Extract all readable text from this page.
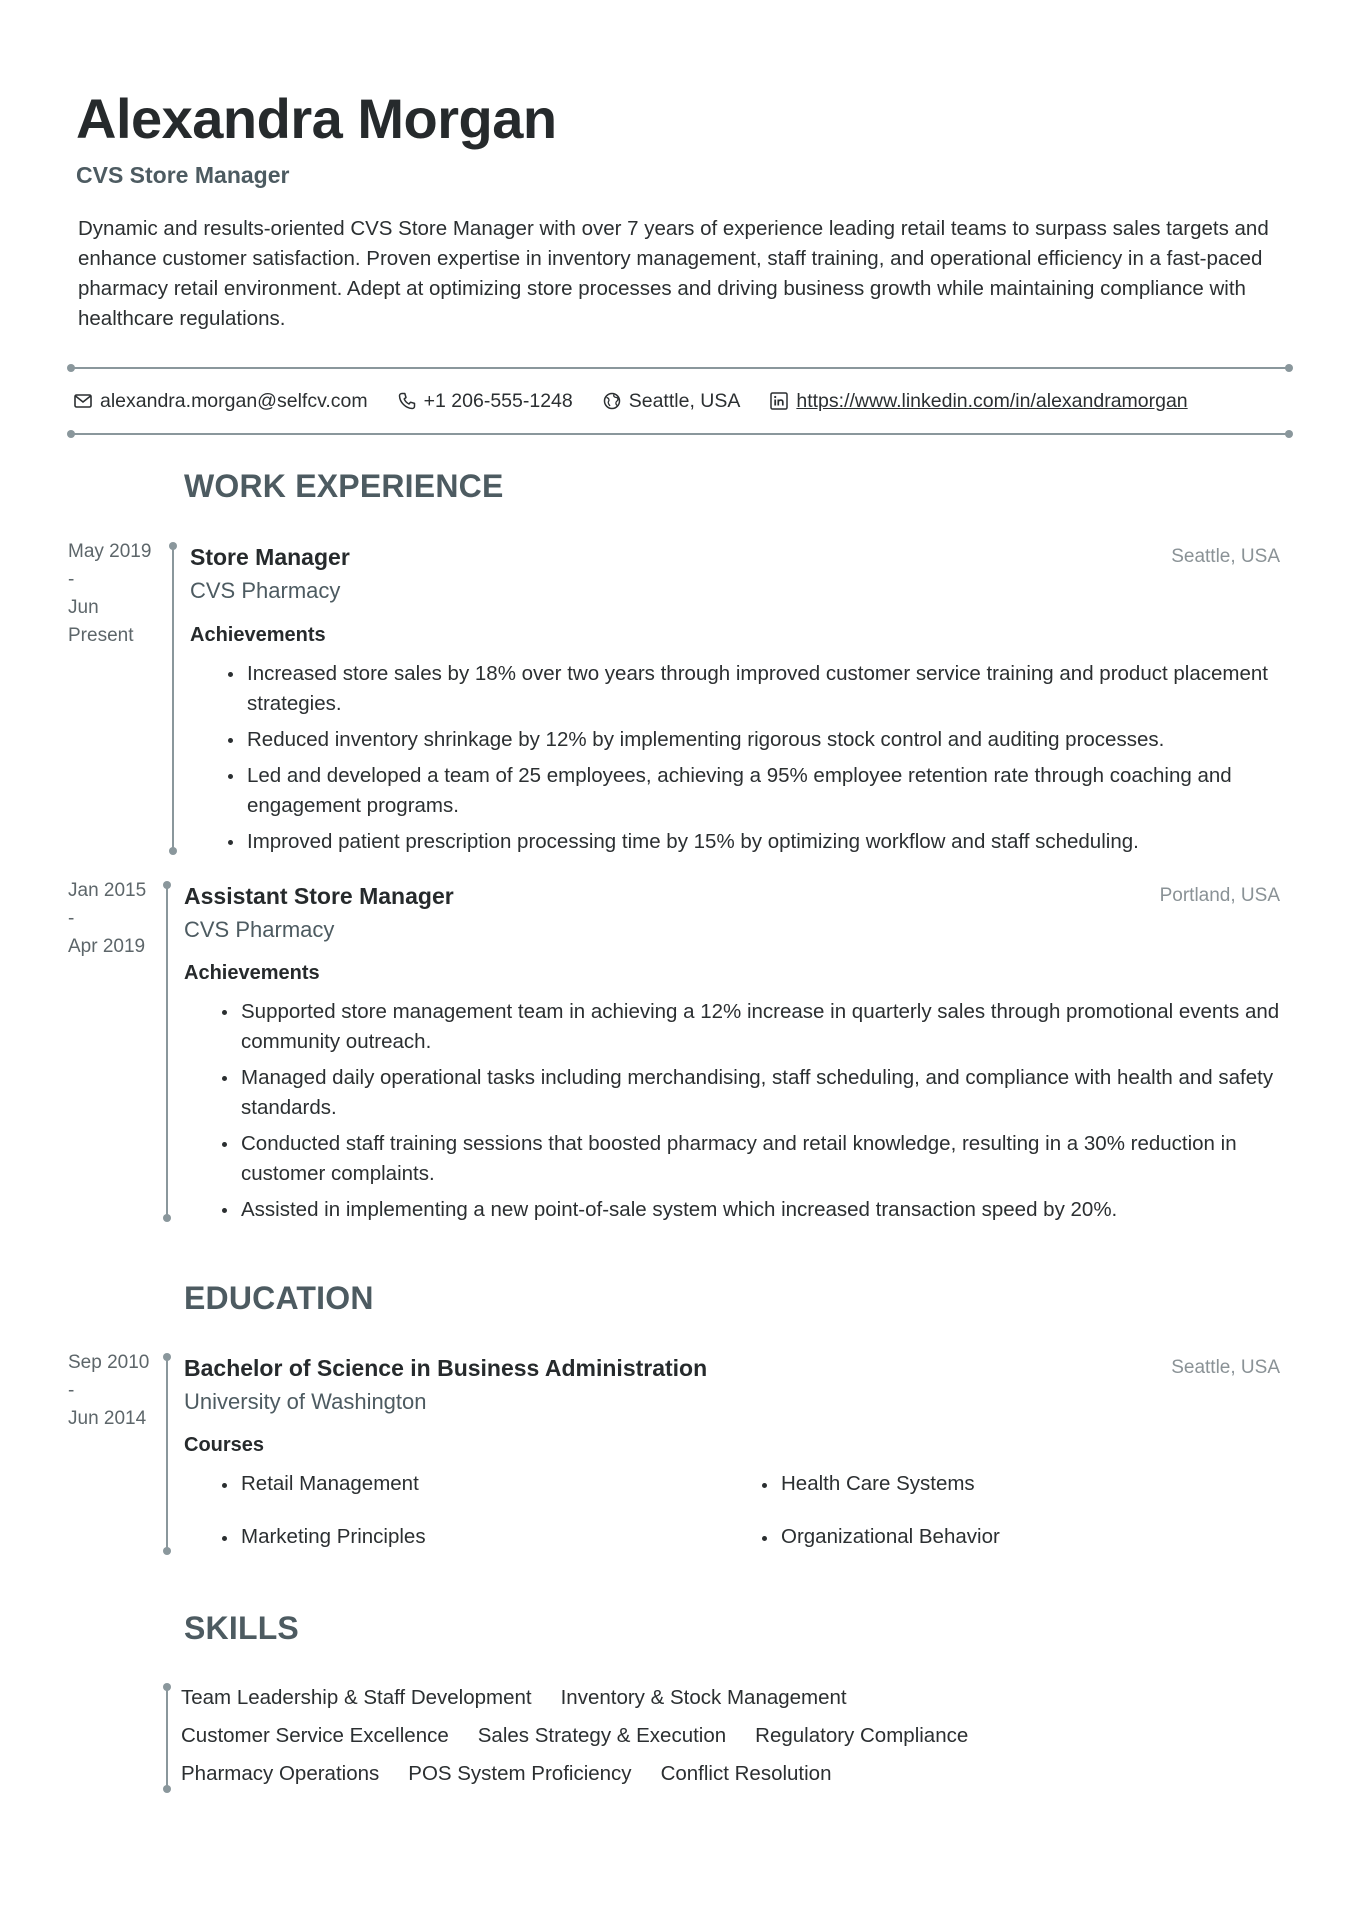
Alexandra Morgan
CVS Store Manager

Dynamic and results-oriented CVS Store Manager with over 7 years of experience leading retail teams to surpass sales targets and enhance customer satisfaction. Proven expertise in inventory management, staff training, and operational efficiency in a fast-paced pharmacy retail environment. Adept at optimizing store processes and driving business growth while maintaining compliance with healthcare regulations.

alexandra.morgan@selfcv.com	+1 206-555-1248	Seattle, USA	https://www.linkedin.com/in/alexandramorgan
WORK EXPERIENCE
May 2019
-
Jun
Present
Store Manager	Seattle, USA
CVS Pharmacy
Achievements
Increased store sales by 18% over two years through improved customer service training and product placement strategies.
Reduced inventory shrinkage by 12% by implementing rigorous stock control and auditing processes.
Led and developed a team of 25 employees, achieving a 95% employee retention rate through coaching and engagement programs.
Improved patient prescription processing time by 15% by optimizing workflow and staff scheduling.
Jan 2015
-
Apr 2019
Assistant Store Manager	Portland, USA
CVS Pharmacy
Achievements
Supported store management team in achieving a 12% increase in quarterly sales through promotional events and community outreach.
Managed daily operational tasks including merchandising, staff scheduling, and compliance with health and safety standards.
Conducted staff training sessions that boosted pharmacy and retail knowledge, resulting in a 30% reduction in customer complaints.
Assisted in implementing a new point-of-sale system which increased transaction speed by 20%.
EDUCATION
Sep 2010
-
Jun 2014
Bachelor of Science in Business Administration	Seattle, USA
University of Washington
Courses
Retail Management	Health Care Systems
Marketing Principles	Organizational Behavior
SKILLS
Team Leadership & Staff Development Inventory & Stock Management
Customer Service Excellence Sales Strategy & Execution Regulatory Compliance
Pharmacy Operations POS System Proficiency Conflict Resolution
